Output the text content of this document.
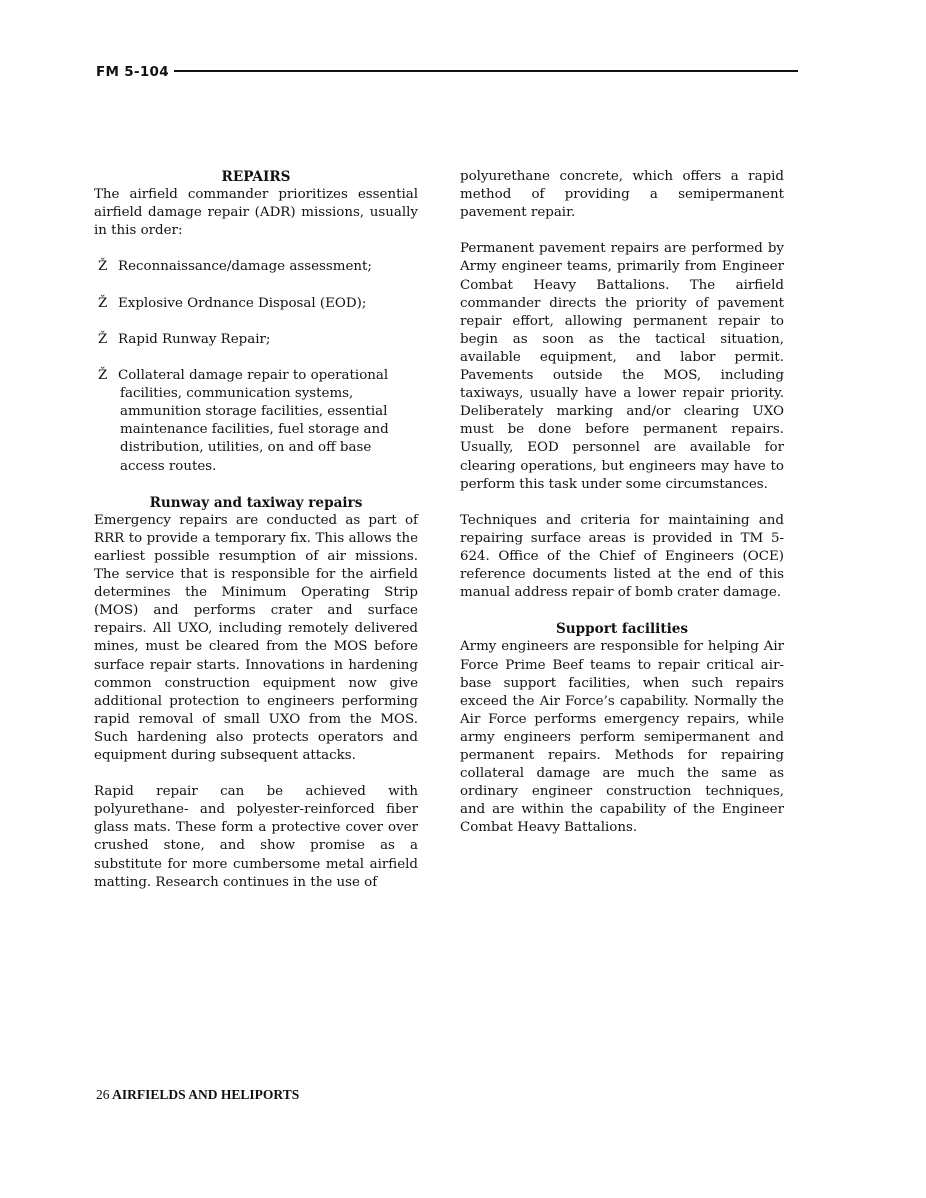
FM 5-104
REPAIRS

The airfield commander prioritizes essential airfield damage repair (ADR) missions, usually in this order:

Ž Reconnaissance/damage assessment;

Ž Explosive Ordnance Disposal (EOD);

Ž Rapid Runway Repair;

Ž Collateral damage repair to operational facilities, communication systems, ammunition storage facilities, essential maintenance facilities, fuel storage and distribution, utilities, on and off base access routes.

Runway and taxiway repairs

Emergency repairs are conducted as part of RRR to provide a temporary fix. This allows the earliest possible resumption of air missions. The service that is responsible for the airfield determines the Minimum Operating Strip (MOS) and performs crater and surface repairs. All UXO, including remotely delivered mines, must be cleared from the MOS before surface repair starts. Innovations in hardening common construction equipment now give additional protection to engineers performing rapid removal of small UXO from the MOS. Such hardening also protects operators and equipment during subsequent attacks.

Rapid repair can be achieved with polyurethane- and polyester-reinforced fiber glass mats. These form a protective cover over crushed stone, and show promise as a substitute for more cumbersome metal airfield matting. Research continues in the use of

polyurethane concrete, which offers a rapid method of providing a semipermanent pavement repair.

Permanent pavement repairs are performed by Army engineer teams, primarily from Engineer Combat Heavy Battalions. The airfield commander directs the priority of pavement repair effort, allowing permanent repair to begin as soon as the tactical situation, available equipment, and labor permit. Pavements outside the MOS, including taxiways, usually have a lower repair priority. Deliberately marking and/or clearing UXO must be done before permanent repairs. Usually, EOD personnel are available for clearing operations, but engineers may have to perform this task under some circumstances.

Techniques and criteria for maintaining and repairing surface areas is provided in TM 5-624. Office of the Chief of Engineers (OCE) reference documents listed at the end of this manual address repair of bomb crater damage.

Support facilities

Army engineers are responsible for helping Air Force Prime Beef teams to repair critical air-base support facilities, when such repairs exceed the Air Force’s capability. Normally the Air Force performs emergency repairs, while army engineers perform semipermanent and permanent repairs. Methods for repairing collateral damage are much the same as ordinary engineer construction techniques, and are within the capability of the Engineer Combat Heavy Battalions.

26 AIRFIELDS AND HELIPORTS
